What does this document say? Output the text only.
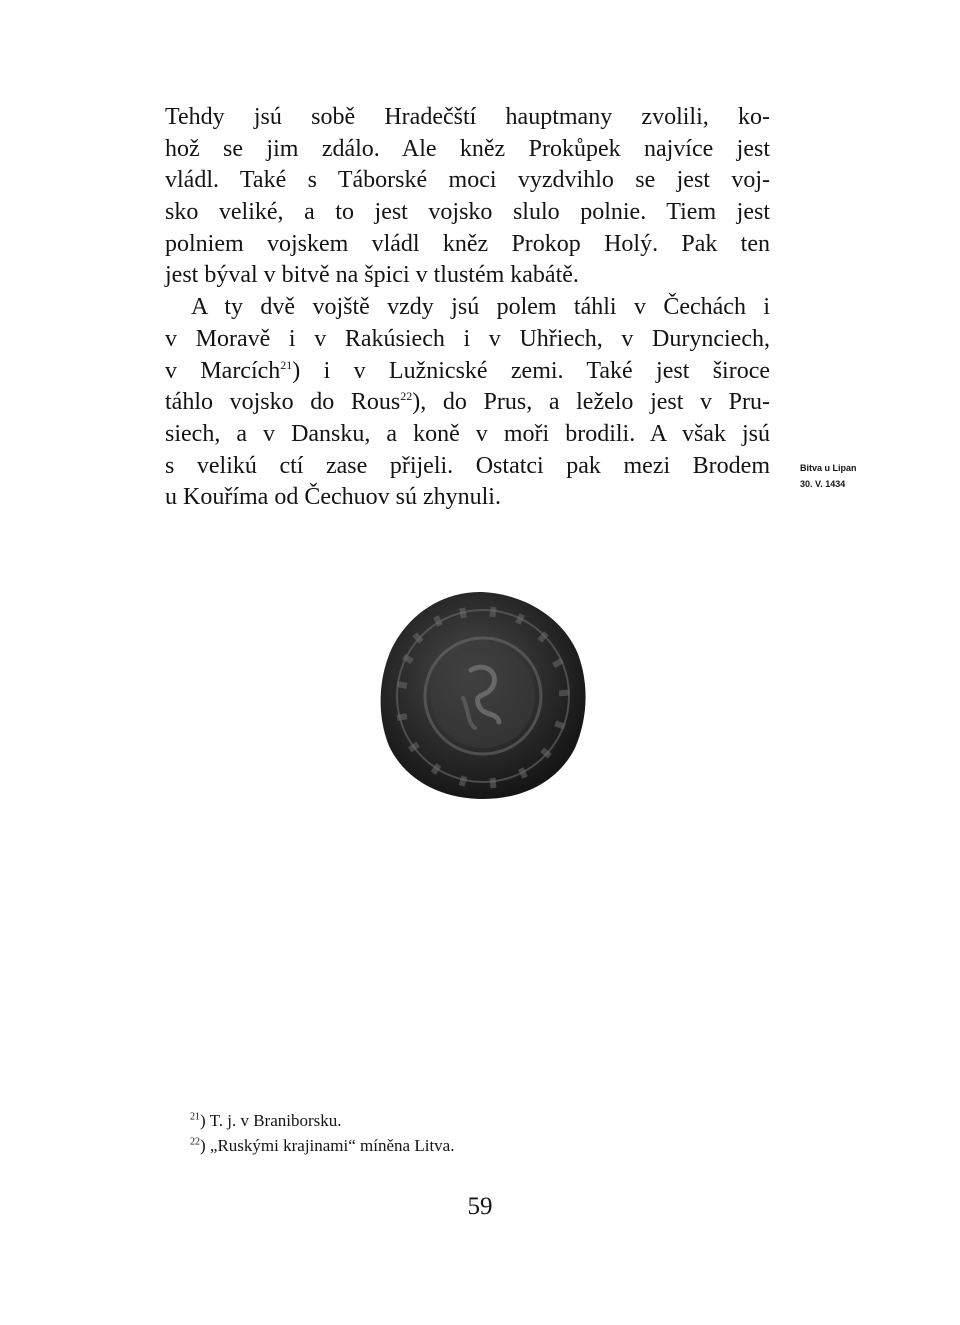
Tehdy jsú sobě Hradečští hauptmany zvolili, ko-
hož se jim zdálo. Ale kněz Prokůpek najvíce jest
vládl. Také s Táborské moci vyzdvihlo se jest voj-
sko veliké, a to jest vojsko slulo polnie. Tiem jest
polniem vojskem vládl kněz Prokop Holý. Pak ten
jest býval v bitvě na špici v tlustém kabátě.
A ty dvě vojště vzdy jsú polem táhli v Čechách i
v Moravě i v Rakúsiech i v Uhřiech, v Durynciech,
v Marcích$^{21}$) i v Lužnicské zemi. Také jest široce
táhlo vojsko do Rous$^{22}$), do Prus, a leželo jest v Pru-
siech, a v Dansku, a koně v moři brodili. A však jsú
s velikú ctí zase přijeli. Ostatci pak mezi Brodem
u Kouříma od Čechuov sú zhynuli.
Bitva u Lipan
30. V. 1434
$^{21}$) T. j. v Braniborsku.
$^{22}$) „Ruskými krajinami“ míněna Litva.
59
